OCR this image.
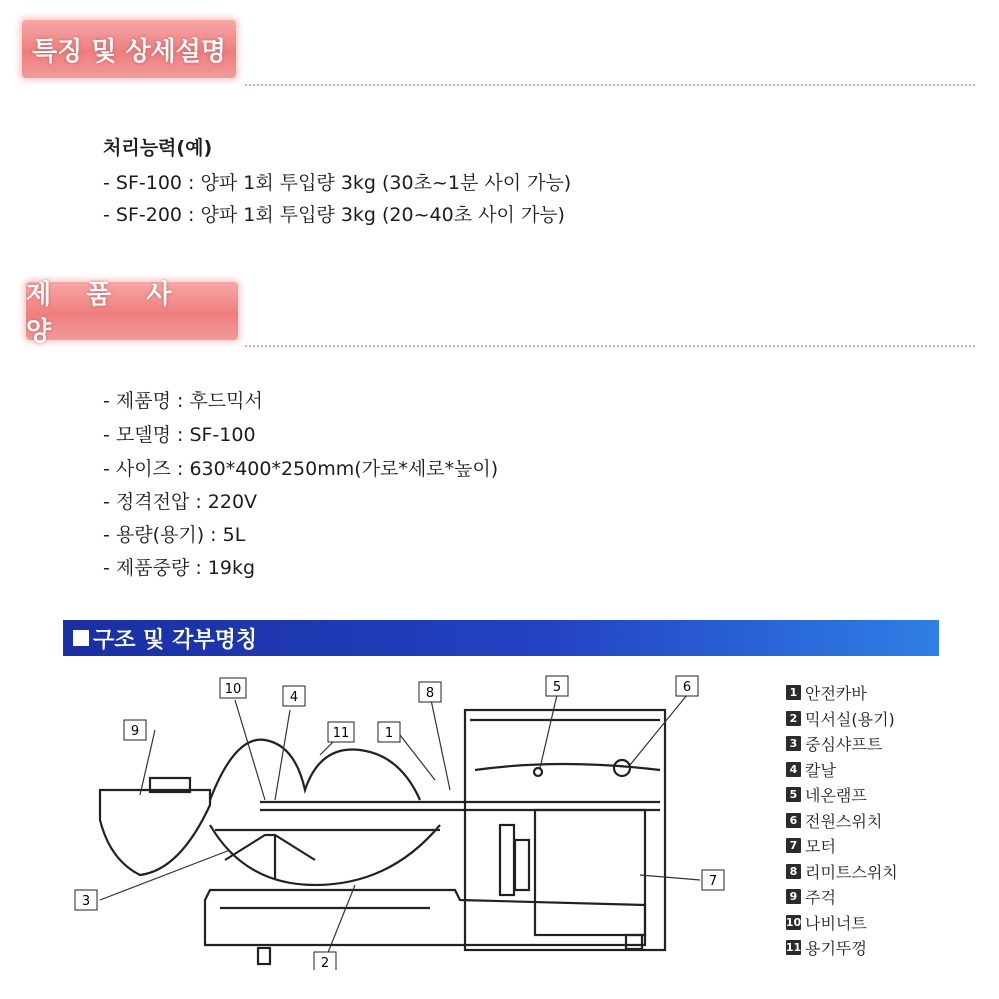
특징 및 상세설명
처리능력(예)
- SF-100 : 양파 1회 투입량 3kg (30초~1분 사이 가능)
- SF-200 : 양파 1회 투입량 3kg (20~40초 사이 가능)
제 품 사 양
- 제품명 : 후드믹서
- 모델명 : SF-100
- 사이즈 : 630*400*250mm(가로*세로*높이)
- 정격전압 : 220V
- 용량(용기) : 5L
- 제품중량 : 19kg
구조 및 각부명칭
1
2
3
4
5	6
7
8
9
10
11
1 안전카바
2 믹서실(용기)
3 중심샤프트
4 칼날
5 네온램프
6 전원스위치
7 모터
8 리미트스위치
9 주걱
10 나비너트
11 용기뚜껑
